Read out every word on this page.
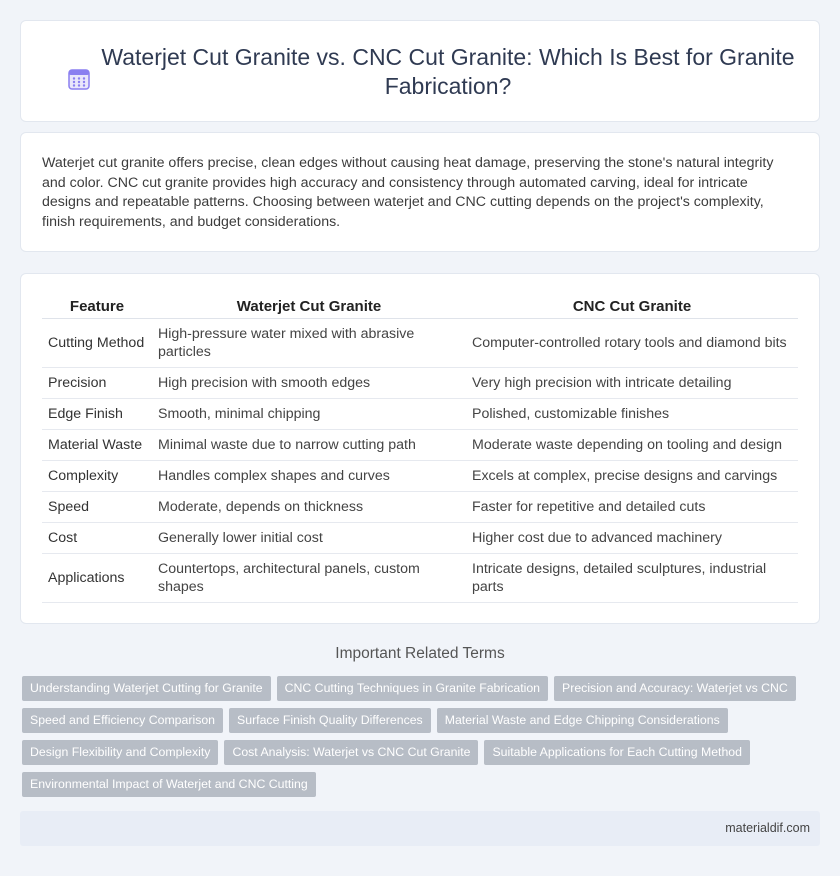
Waterjet Cut Granite vs. CNC Cut Granite: Which Is Best for Granite Fabrication?

Waterjet cut granite offers precise, clean edges without causing heat damage, preserving the stone's natural integrity and color. CNC cut granite provides high accuracy and consistency through automated carving, ideal for intricate designs and repeatable patterns. Choosing between waterjet and CNC cutting depends on the project's complexity, finish requirements, and budget considerations.

Feature	Waterjet Cut Granite	CNC Cut Granite
Cutting Method	High-pressure water mixed with abrasive particles	Computer-controlled rotary tools and diamond bits
Precision	High precision with smooth edges	Very high precision with intricate detailing
Edge Finish	Smooth, minimal chipping	Polished, customizable finishes
Material Waste	Minimal waste due to narrow cutting path	Moderate waste depending on tooling and design
Complexity	Handles complex shapes and curves	Excels at complex, precise designs and carvings
Speed	Moderate, depends on thickness	Faster for repetitive and detailed cuts
Cost	Generally lower initial cost	Higher cost due to advanced machinery
Applications	Countertops, architectural panels, custom shapes	Intricate designs, detailed sculptures, industrial parts
Important Related Terms
Understanding Waterjet Cutting for Granite	CNC Cutting Techniques in Granite Fabrication	Precision and Accuracy: Waterjet vs CNC
Speed and Efficiency Comparison	Surface Finish Quality Differences	Material Waste and Edge Chipping Considerations
Design Flexibility and Complexity	Cost Analysis: Waterjet vs CNC Cut Granite	Suitable Applications for Each Cutting Method
Environmental Impact of Waterjet and CNC Cutting
materialdif.com
